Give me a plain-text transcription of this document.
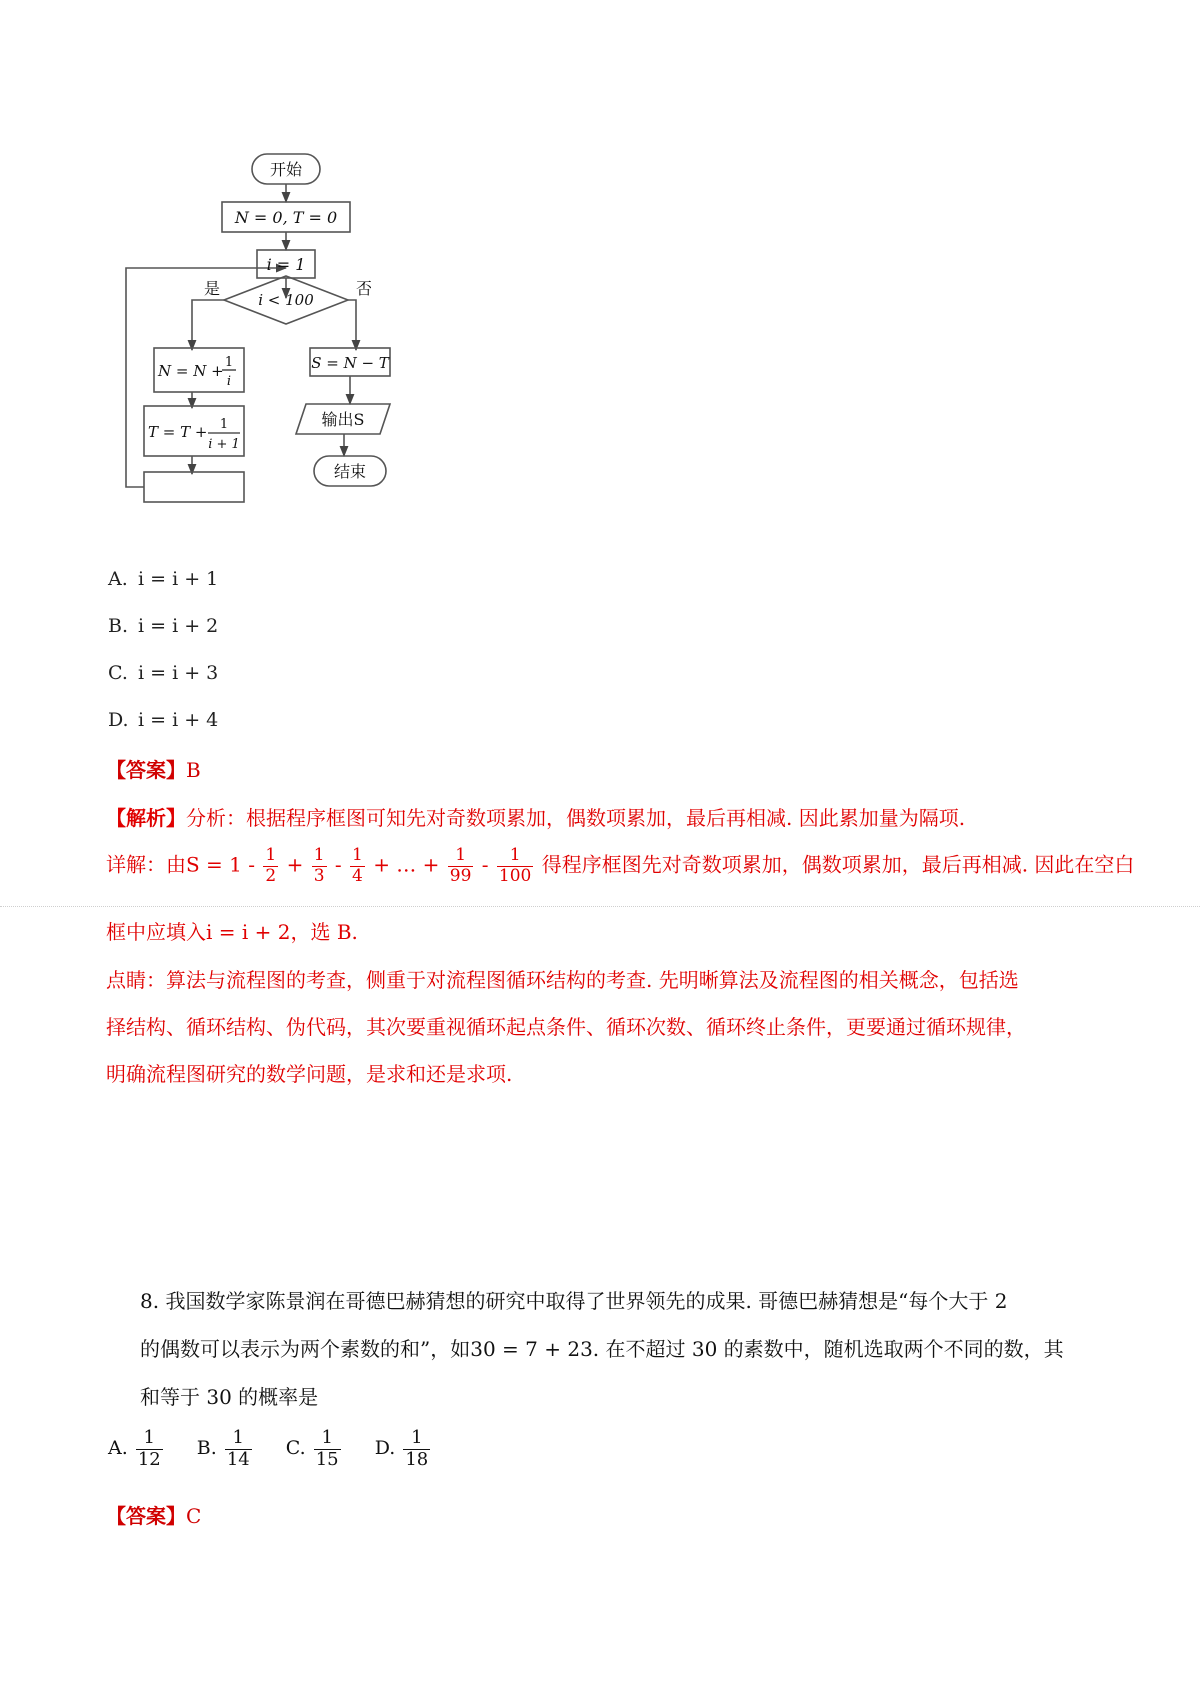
开始
N = 0, T = 0
i = 1
i < 100
是	否
N = N + 1
i
T = T + 1
i + 1
S = N − T
输出S
结束
A. i = i + 1
B. i = i + 2
C. i = i + 3
D. i = i + 4
【答案】B
【解析】分析：根据程序框图可知先对奇数项累加，偶数项累加，最后再相减. 因此累加量为隔项.
详解：由$S = 1 - \frac{1}{2} + \frac{1}{3} - \frac{1}{4}$ + … + $\frac{1}{99} - \frac{1}{100}$ 得程序框图先对奇数项累加，偶数项累加，最后再相减. 因此在空白
框中应填入i = i + 2，选 B.
点睛：算法与流程图的考查，侧重于对流程图循环结构的考查. 先明晰算法及流程图的相关概念，包括选
择结构、循环结构、伪代码，其次要重视循环起点条件、循环次数、循环终止条件，更要通过循环规律，
明确流程图研究的数学问题，是求和还是求项.
8. 我国数学家陈景润在哥德巴赫猜想的研究中取得了世界领先的成果. 哥德巴赫猜想是“每个大于 2
的偶数可以表示为两个素数的和”，如30 = 7 + 23. 在不超过 30 的素数中，随机选取两个不同的数，其
和等于 30 的概率是
A. $\frac{1}{12} B$. $\frac{1}{14} C$. $\frac{1}{15} D$. $\frac{1}{18}$
【答案】C
